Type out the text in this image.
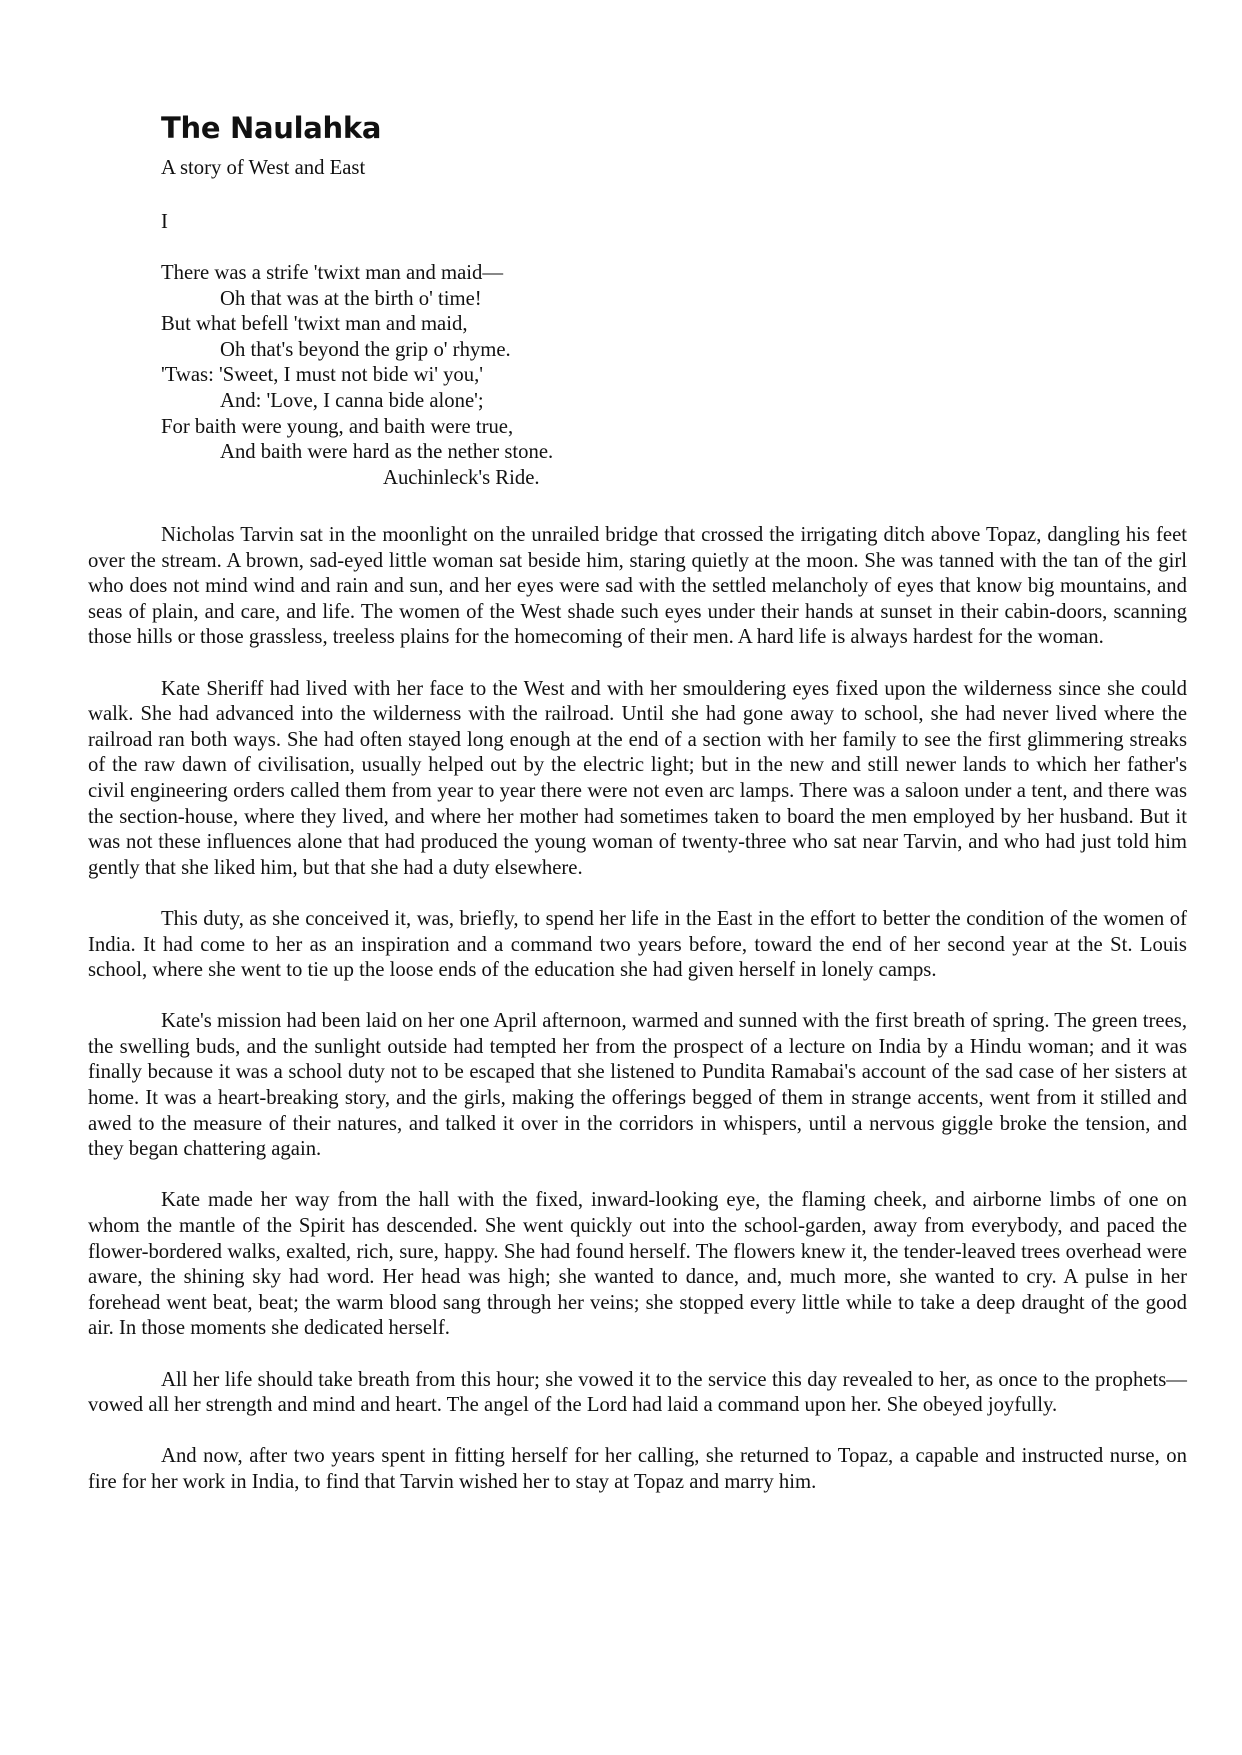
The Naulahka
A story of West and East
I
There was a strife 'twixt man and maid—
Oh that was at the birth o' time!
But what befell 'twixt man and maid,
Oh that's beyond the grip o' rhyme.
'Twas: 'Sweet, I must not bide wi' you,'
And: 'Love, I canna bide alone';
For baith were young, and baith were true,
And baith were hard as the nether stone.
Auchinleck's Ride.

Nicholas Tarvin sat in the moonlight on the unrailed bridge that crossed the irrigating ditch above Topaz, dangling his feet over the stream. A brown, sad-eyed little woman sat beside him, staring quietly at the moon. She was tanned with the tan of the girl who does not mind wind and rain and sun, and her eyes were sad with the settled melancholy of eyes that know big mountains, and seas of plain, and care, and life. The women of the West shade such eyes under their hands at sunset in their cabin-doors, scanning those hills or those grassless, treeless plains for the homecoming of their men. A hard life is always hardest for the woman.

Kate Sheriff had lived with her face to the West and with her smouldering eyes fixed upon the wilderness since she could walk. She had advanced into the wilderness with the railroad. Until she had gone away to school, she had never lived where the railroad ran both ways. She had often stayed long enough at the end of a section with her family to see the first glimmering streaks of the raw dawn of civilisation, usually helped out by the electric light; but in the new and still newer lands to which her father's civil engineering orders called them from year to year there were not even arc lamps. There was a saloon under a tent, and there was the section-house, where they lived, and where her mother had sometimes taken to board the men employed by her husband. But it was not these influences alone that had produced the young woman of twenty-three who sat near Tarvin, and who had just told him gently that she liked him, but that she had a duty elsewhere.

This duty, as she conceived it, was, briefly, to spend her life in the East in the effort to better the condition of the women of India. It had come to her as an inspiration and a command two years before, toward the end of her second year at the St. Louis school, where she went to tie up the loose ends of the education she had given herself in lonely camps.

Kate's mission had been laid on her one April afternoon, warmed and sunned with the first breath of spring. The green trees, the swelling buds, and the sunlight outside had tempted her from the prospect of a lecture on India by a Hindu woman; and it was finally because it was a school duty not to be escaped that she listened to Pundita Ramabai's account of the sad case of her sisters at home. It was a heart-breaking story, and the girls, making the offerings begged of them in strange accents, went from it stilled and awed to the measure of their natures, and talked it over in the corridors in whispers, until a nervous giggle broke the tension, and they began chattering again.

Kate made her way from the hall with the fixed, inward-looking eye, the flaming cheek, and airborne limbs of one on whom the mantle of the Spirit has descended. She went quickly out into the school-garden, away from everybody, and paced the flower-bordered walks, exalted, rich, sure, happy. She had found herself. The flowers knew it, the tender-leaved trees overhead were aware, the shining sky had word. Her head was high; she wanted to dance, and, much more, she wanted to cry. A pulse in her forehead went beat, beat; the warm blood sang through her veins; she stopped every little while to take a deep draught of the good air. In those moments she dedicated herself.

All her life should take breath from this hour; she vowed it to the service this day revealed to her, as once to the prophets—vowed all her strength and mind and heart. The angel of the Lord had laid a command upon her. She obeyed joyfully.

And now, after two years spent in fitting herself for her calling, she returned to Topaz, a capable and instructed nurse, on fire for her work in India, to find that Tarvin wished her to stay at Topaz and marry him.
